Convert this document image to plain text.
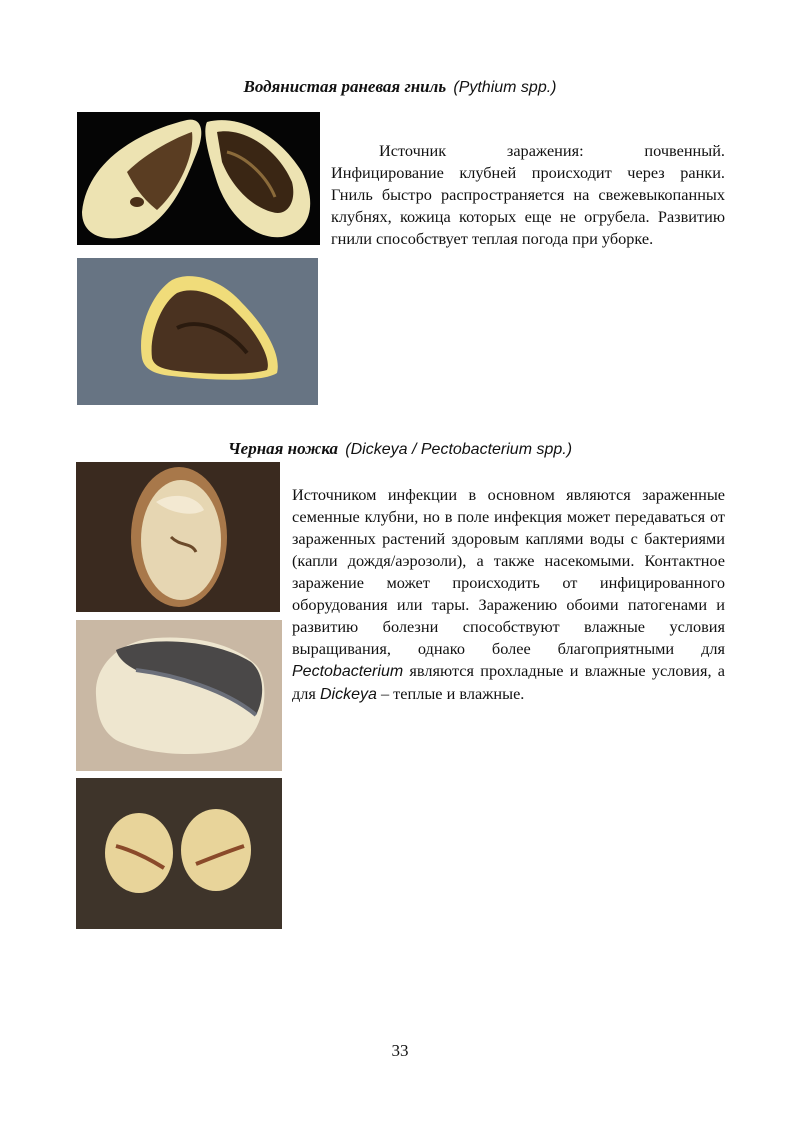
Водянистая раневая гниль (Pythium spp.)

Источник заражения: почвенный. Инфицирование клубней происходит через ранки. Гниль быстро распространяется на свежевыкопанных клубнях, кожица которых еще не огрубела. Развитию гнили способствует теплая погода при уборке.

Черная ножка (Dickeya / Pectobacterium spp.)

Источником инфекции в основном являются зараженные семенные клубни, но в поле инфекция может передаваться от зараженных растений здоровым каплями воды с бактериями (капли дождя/аэрозоли), а также насекомыми. Контактное заражение может происходить от инфицированного оборудования или тары. Заражению обоими патогенами и развитию болезни способствуют влажные условия выращивания, однако более благоприятными для Pectobacterium являются прохладные и влажные условия, а для Dickeya – теплые и влажные.

33
